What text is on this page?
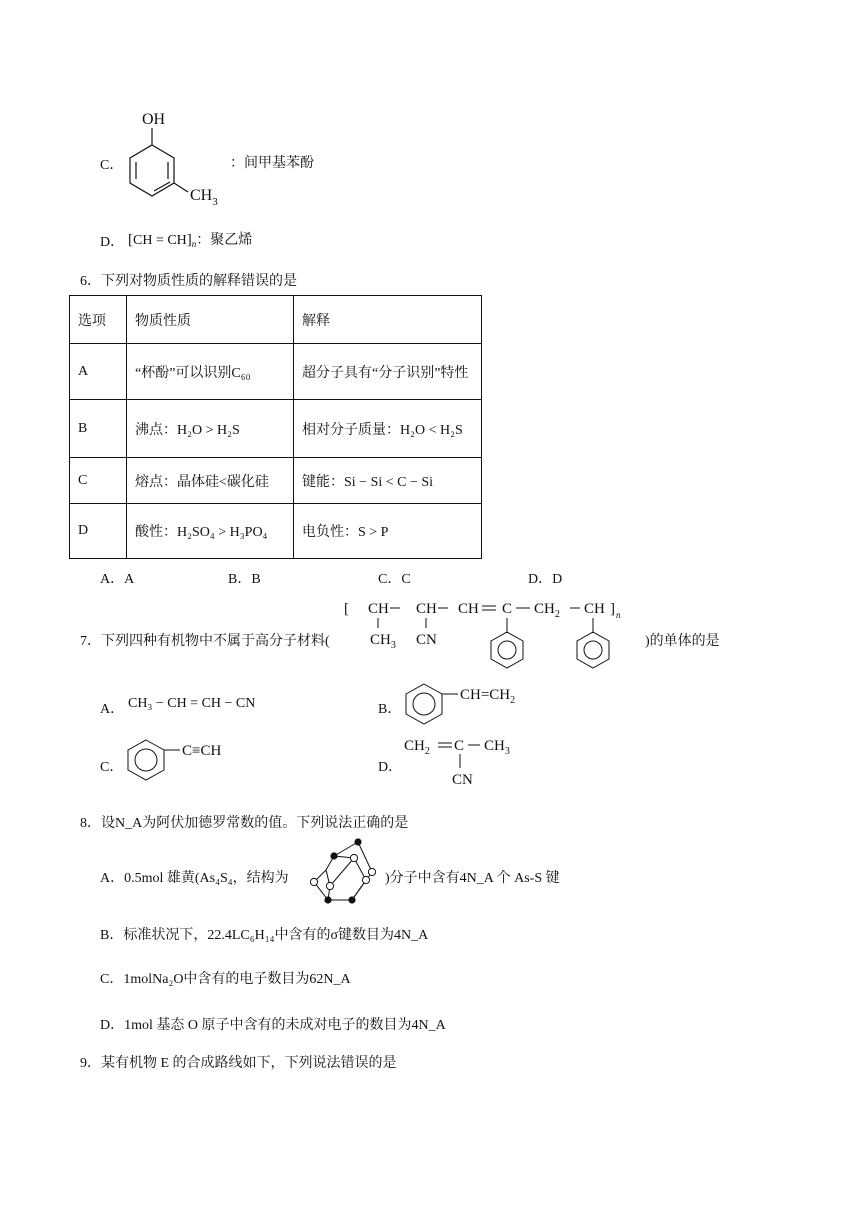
C．
OH
$CH_3$
：间甲基苯酚
D． $[CH = CH]_n$：聚乙烯
6．下列对物质性质的解释错误的是
选项	物质性质	解释
A	“杯酚”可以识别C₆₀	超分子具有“分子识别”特性
B	沸点：H₂O > H₂S	相对分子质量：H₂O < H₂S
C	熔点：晶体硅<碳化硅	键能：Si − Si < C − Si
D	酸性：H₂SO₄ > H₃PO₄	电负性：S > P
A．A	B．B	C．C	D．D
7．下列四种有机物中不属于高分子材料(
[ CH CH CH C $CH_2$ CH ] n
$CH_3$ CN	)的单体的是
A． CH₃ − CH = CH − CN	B．
$CH=CH_2$
C．
C≡CH
D．
$CH_2$ C $CH_3$
CN
8．设N_A为阿伏加德罗常数的值。下列说法正确的是
A．0.5mol 雄黄(As₄S₄，结构为	)分子中含有4N_A 个 As-S 键
B．标准状况下，22.4LC₆H₁₄中含有的σ键数目为4N_A
C．1molNa₂O中含有的电子数目为62N_A
D．1mol 基态 O 原子中含有的未成对电子的数目为4N_A
9．某有机物 E 的合成路线如下，下列说法错误的是
